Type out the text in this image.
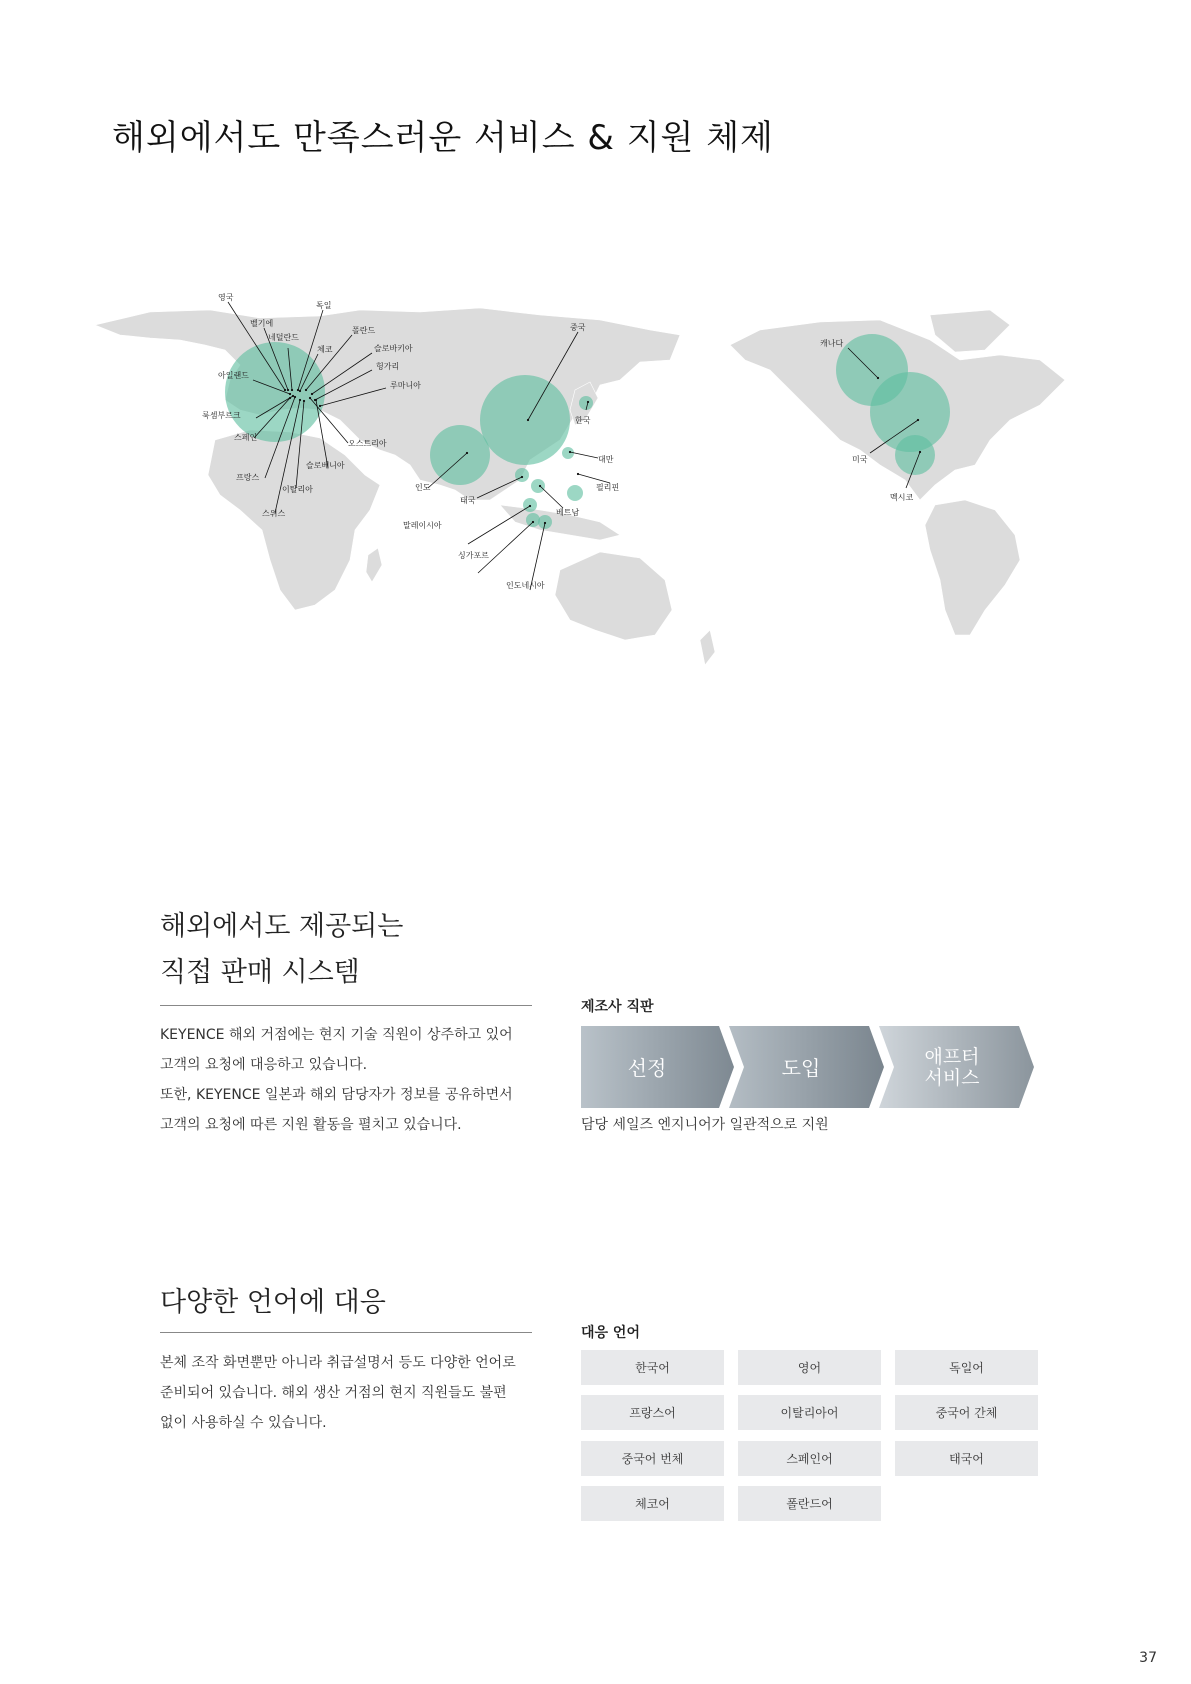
해외에서도 만족스러운 서비스 & 지원 체제
영국
독일
벨기에
네덜란드
체코
폴란드
슬로바키아
헝가리
루마니아
아일랜드
룩셈부르크
스페인
오스트리아
슬로베니아
프랑스
이탈리아
스위스
중국
한국
대만
필리핀
인도
태국
베트남
말레이시아
싱가포르
인도네시아
캐나다
미국
멕시코
해외에서도 제공되는
직접 판매 시스템
KEYENCE 해외 거점에는 현지 기술 직원이 상주하고 있어
고객의 요청에 대응하고 있습니다.
또한, KEYENCE 일본과 해외 담당자가 정보를 공유하면서
고객의 요청에 따른 지원 활동을 펼치고 있습니다.
제조사 직판
선정	도입	애프터
서비스
담당 세일즈 엔지니어가 일관적으로 지원
다양한 언어에 대응
본체 조작 화면뿐만 아니라 취급설명서 등도 다양한 언어로
준비되어 있습니다. 해외 생산 거점의 현지 직원들도 불편
없이 사용하실 수 있습니다.
대응 언어
한국어	영어	독일어
프랑스어	이탈리아어	중국어 간체
중국어 번체	스페인어	태국어
체코어	폴란드어
37
